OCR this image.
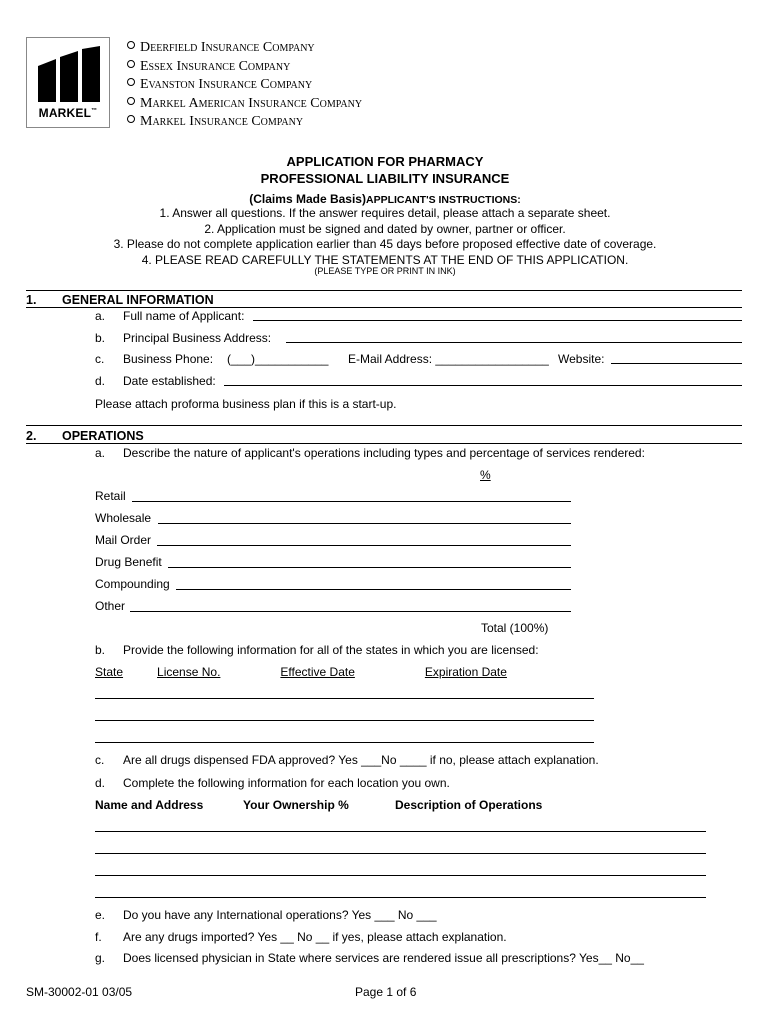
MARKEL™
Deerfield Insurance Company
Essex Insurance Company
Evanston Insurance Company
Markel American Insurance Company
Markel Insurance Company
APPLICATION FOR PHARMACY
PROFESSIONAL LIABILITY INSURANCE
(Claims Made Basis)APPLICANT'S INSTRUCTIONS:
1. Answer all questions. If the answer requires detail, please attach a separate sheet.
2. Application must be signed and dated by owner, partner or officer.
3. Please do not complete application earlier than 45 days before proposed effective date of coverage.
4. PLEASE READ CAREFULLY THE STATEMENTS AT THE END OF THIS APPLICATION.
(PLEASE TYPE OR PRINT IN INK)
1. GENERAL INFORMATION
a. Full name of Applicant:
b. Principal Business Address:
c. Business Phone: (___)___________ E-Mail Address: _________________ Website:
d. Date established:
Please attach proforma business plan if this is a start-up.
2. OPERATIONS
a. Describe the nature of applicant's operations including types and percentage of services rendered:
%
Retail
Wholesale
Mail Order
Drug Benefit
Compounding
Other
Total (100%)
b. Provide the following information for all of the states in which you are licensed:
State	License No.	Effective Date	Expiration Date
c. Are all drugs dispensed FDA approved? Yes ___No ____ if no, please attach explanation.
d. Complete the following information for each location you own.
Name and Address	Your Ownership %	Description of Operations
e. Do you have any International operations? Yes ___ No ___
f. Are any drugs imported? Yes __ No __ if yes, please attach explanation.
g. Does licensed physician in State where services are rendered issue all prescriptions? Yes__ No__
SM-30002-01 03/05	Page 1 of 6
